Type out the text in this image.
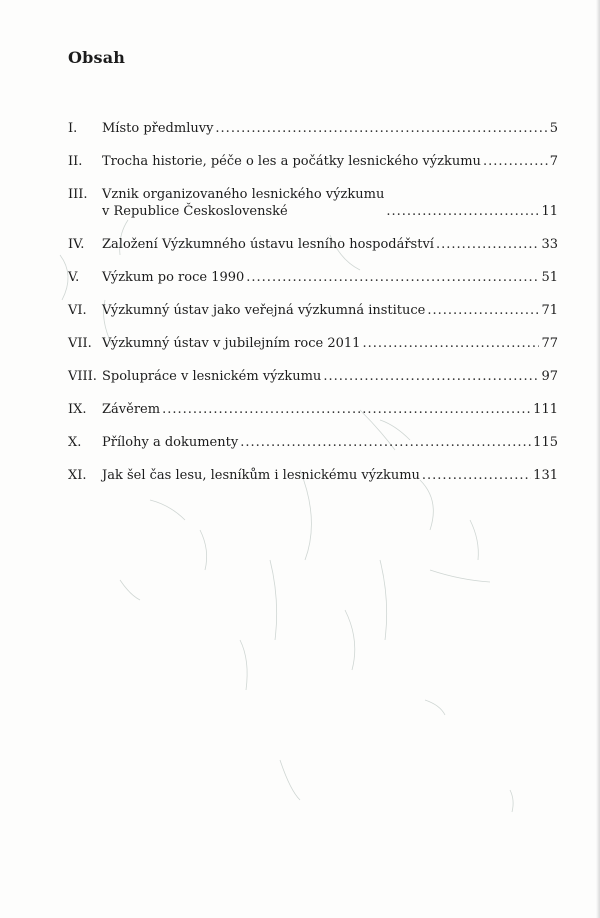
Obsah
I.	Místo předmluvy .....	5
II.	Trocha historie, péče o les a počátky lesnického výzkumu .....	7
III.	Vznik organizovaného lesnického výzkumu
v Republice Československé .....	11
IV.	Založení Výzkumného ústavu lesního hospodářství .....	33
V.	Výzkum po roce 1990 .....	51
VI.	Výzkumný ústav jako veřejná výzkumná instituce .....	71
VII. Výzkumný ústav v jubilejním roce 2011 .....	77
VIII. Spolupráce v lesnickém výzkumu .....	97
IX.	Závěrem .....	111
X.	Přílohy a dokumenty .....	115
XI.	Jak šel čas lesu, lesníkům i lesnickému výzkumu .....	131
